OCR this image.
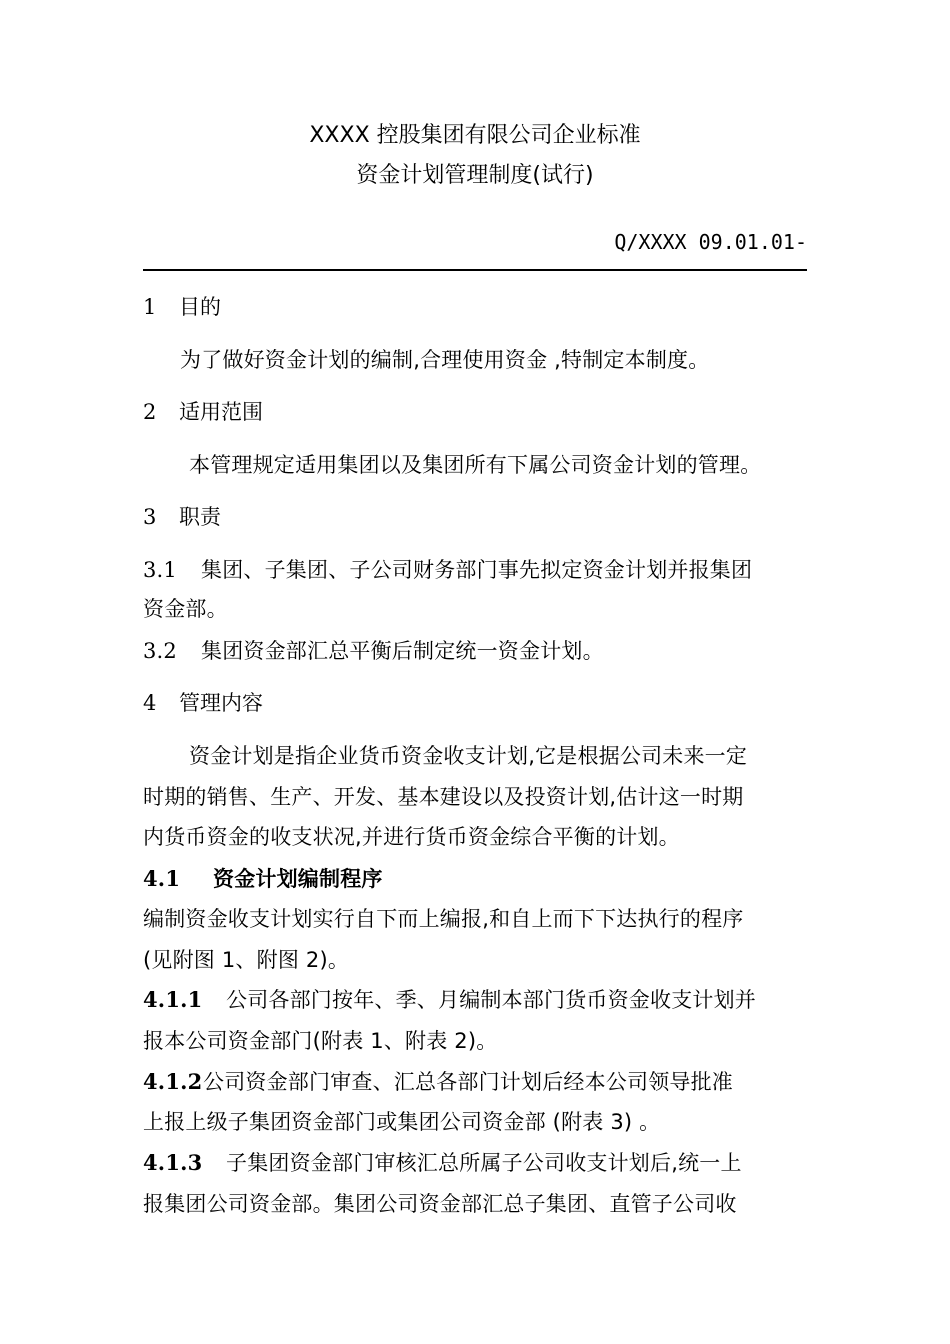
XXXX 控股集团有限公司企业标准
资金计划管理制度(试行)
Q/XXXX 09.01.01-
1 目的
为了做好资金计划的编制,合理使用资金 ,特制定本制度。
2 适用范围
本管理规定适用集团以及集团所有下属公司资金计划的管理。
3 职责
3.1 集团、子集团、子公司财务部门事先拟定资金计划并报集团
资金部。
3.2 集团资金部汇总平衡后制定统一资金计划。
4 管理内容
资金计划是指企业货币资金收支计划,它是根据公司未来一定
时期的销售、生产、开发、基本建设以及投资计划,估计这一时期
内货币资金的收支状况,并进行货币资金综合平衡的计划。
4.1 资金计划编制程序
编制资金收支计划实行自下而上编报,和自上而下下达执行的程序
(见附图 1、附图 2)。
4.1.1 公司各部门按年、季、月编制本部门货币资金收支计划并
报本公司资金部门(附表 1、附表 2)。
4.1.2公司资金部门审查、汇总各部门计划后经本公司领导批准
上报上级子集团资金部门或集团公司资金部 (附表 3) 。
4.1.3 子集团资金部门审核汇总所属子公司收支计划后,统一上
报集团公司资金部。集团公司资金部汇总子集团、直管子公司收
